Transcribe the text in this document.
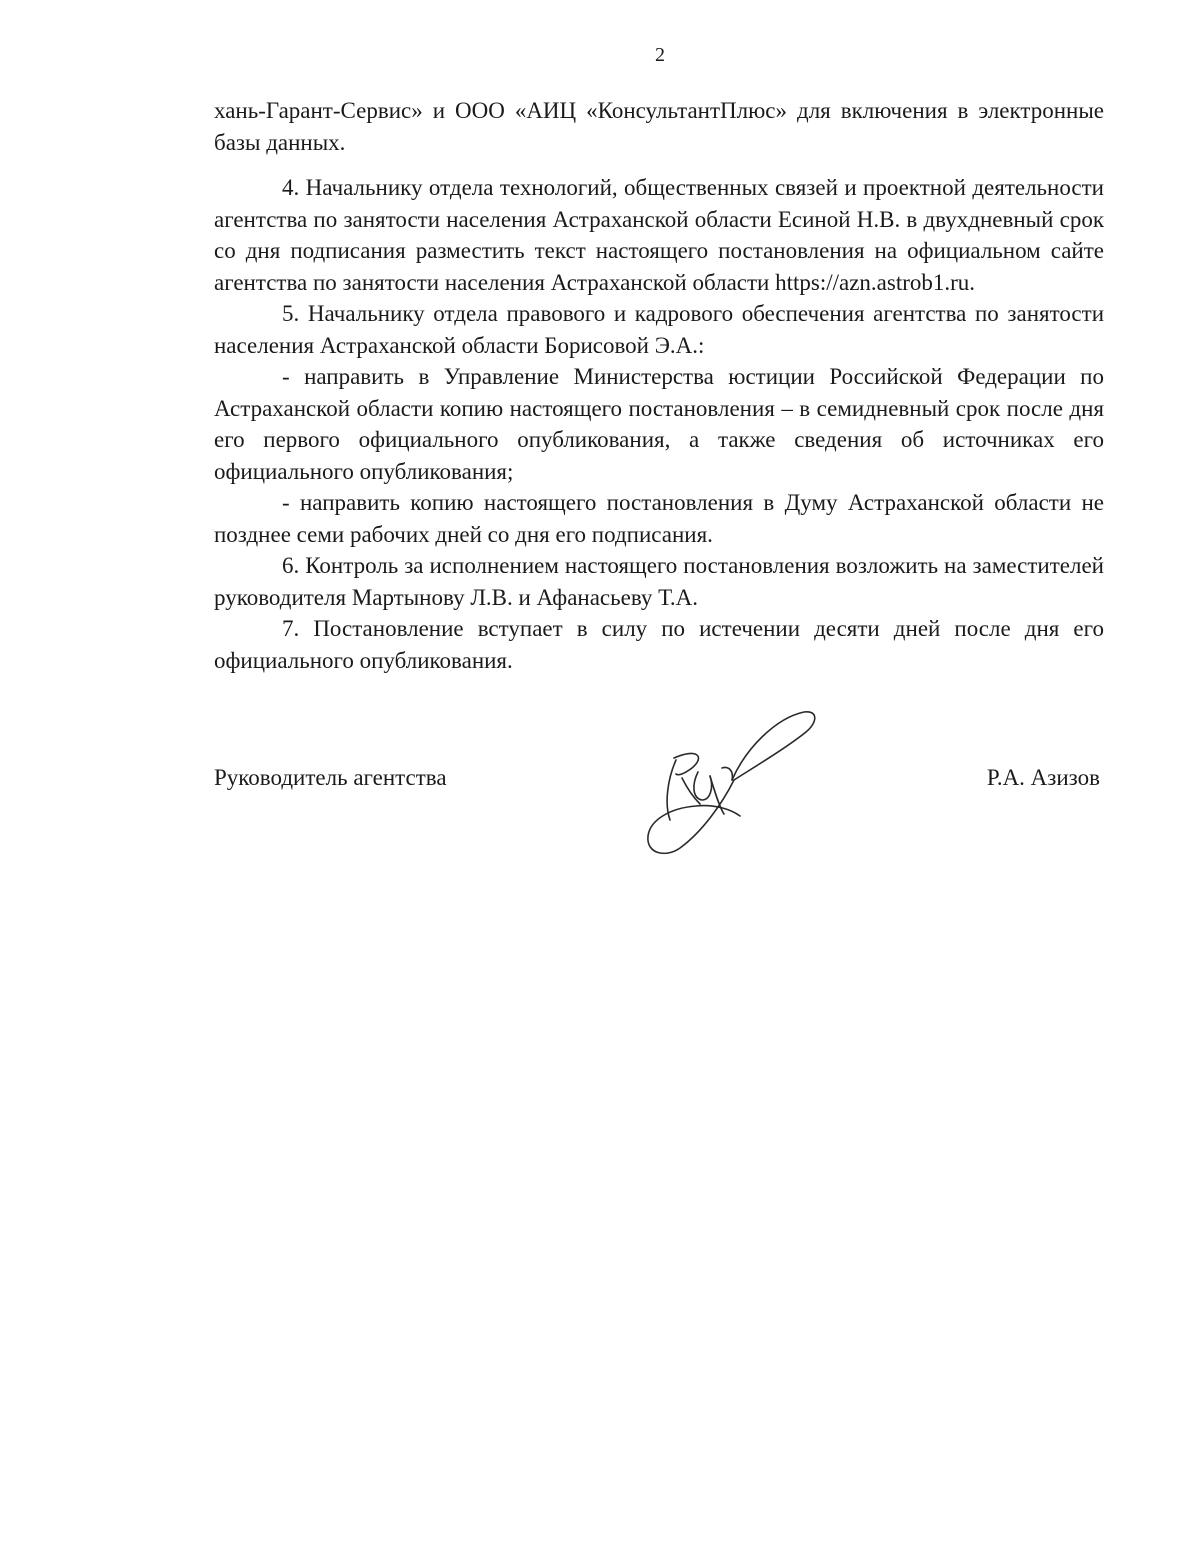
2

хань-Гарант-Сервис» и ООО «АИЦ «КонсультантПлюс» для включения в электронные базы данных.

4. Начальнику отдела технологий, общественных связей и проектной деятельности агентства по занятости населения Астраханской области Есиной Н.В. в двухдневный срок со дня подписания разместить текст настоящего постановления на официальном сайте агентства по занятости населения Астраханской области https://azn.astrob1.ru.

5. Начальнику отдела правового и кадрового обеспечения агентства по занятости населения Астраханской области Борисовой Э.А.:

- направить в Управление Министерства юстиции Российской Федерации по Астраханской области копию настоящего постановления – в семидневный срок после дня его первого официального опубликования, а также сведения об источниках его официального опубликования;

- направить копию настоящего постановления в Думу Астраханской области не позднее семи рабочих дней со дня его подписания.

6. Контроль за исполнением настоящего постановления возложить на заместителей руководителя Мартынову Л.В. и Афанасьеву Т.А.

7. Постановление вступает в силу по истечении десяти дней после дня его официального опубликования.

Руководитель агентства	Р.А. Азизов
